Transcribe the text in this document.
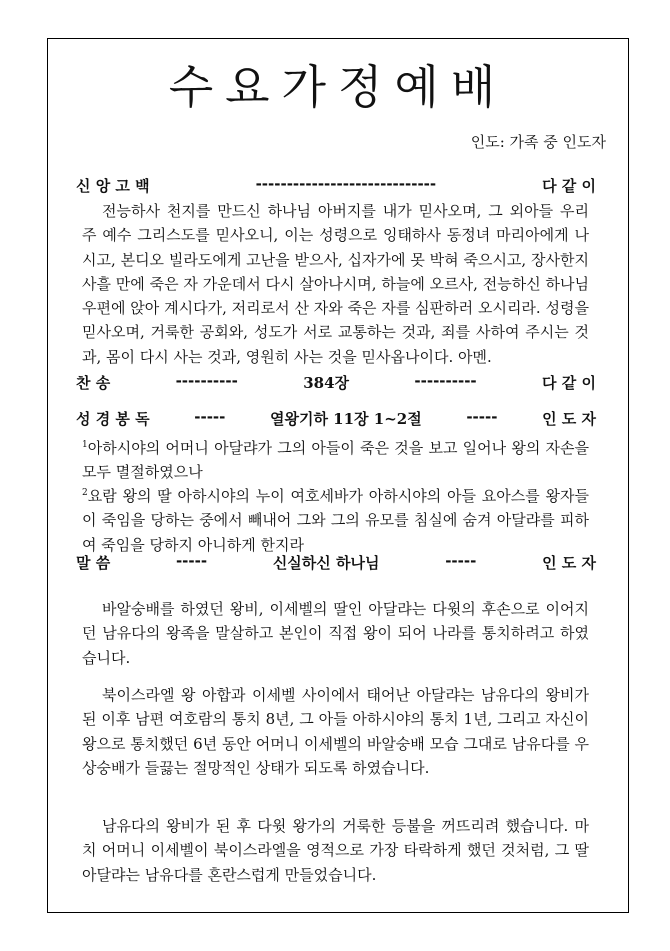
수요가정예배
인도: 가족 중 인도자
신 앙 고 백	-----------------------------	다 같 이
전능하사 천지를 만드신 하나님 아버지를 내가 믿사오며, 그 외아들 우리 주 예수 그리스도를 믿사오니, 이는 성령으로 잉태하사 동정녀 마리아에게 나시고, 본디오 빌라도에게 고난을 받으사, 십자가에 못 박혀 죽으시고, 장사한지 사흘 만에 죽은 자 가운데서 다시 살아나시며, 하늘에 오르사, 전능하신 하나님 우편에 앉아 계시다가, 저리로서 산 자와 죽은 자를 심판하러 오시리라. 성령을 믿사오며, 거룩한 공회와, 성도가 서로 교통하는 것과, 죄를 사하여 주시는 것과, 몸이 다시 사는 것과, 영원히 사는 것을 믿사옵나이다. 아멘.
찬 송	----------	384장	----------	다 같 이
성 경 봉 독	-----	열왕기하 11장 1~2절	-----	인 도 자
$^1$아하시야의 어머니 아달랴가 그의 아들이 죽은 것을 보고 일어나 왕의 자손을 모두 멸절하였으나
$^2$요람 왕의 딸 아하시야의 누이 여호세바가 아하시야의 아들 요아스를 왕자들이 죽임을 당하는 중에서 빼내어 그와 그의 유모를 침실에 숨겨 아달랴를 피하여 죽임을 당하지 아니하게 한지라
말 씀	-----	신실하신 하나님	-----	인 도 자
바알숭배를 하였던 왕비, 이세벨의 딸인 아달랴는 다윗의 후손으로 이어지던 남유다의 왕족을 말살하고 본인이 직접 왕이 되어 나라를 통치하려고 하였습니다.
북이스라엘 왕 아합과 이세벨 사이에서 태어난 아달랴는 남유다의 왕비가 된 이후 남편 여호람의 통치 8년, 그 아들 아하시야의 통치 1년, 그리고 자신이 왕으로 통치했던 6년 동안 어머니 이세벨의 바알숭배 모습 그대로 남유다를 우상숭배가 들끓는 절망적인 상태가 되도록 하였습니다.
남유다의 왕비가 된 후 다윗 왕가의 거룩한 등불을 꺼뜨리려 했습니다. 마치 어머니 이세벨이 북이스라엘을 영적으로 가장 타락하게 했던 것처럼, 그 딸 아달랴는 남유다를 혼란스럽게 만들었습니다.
